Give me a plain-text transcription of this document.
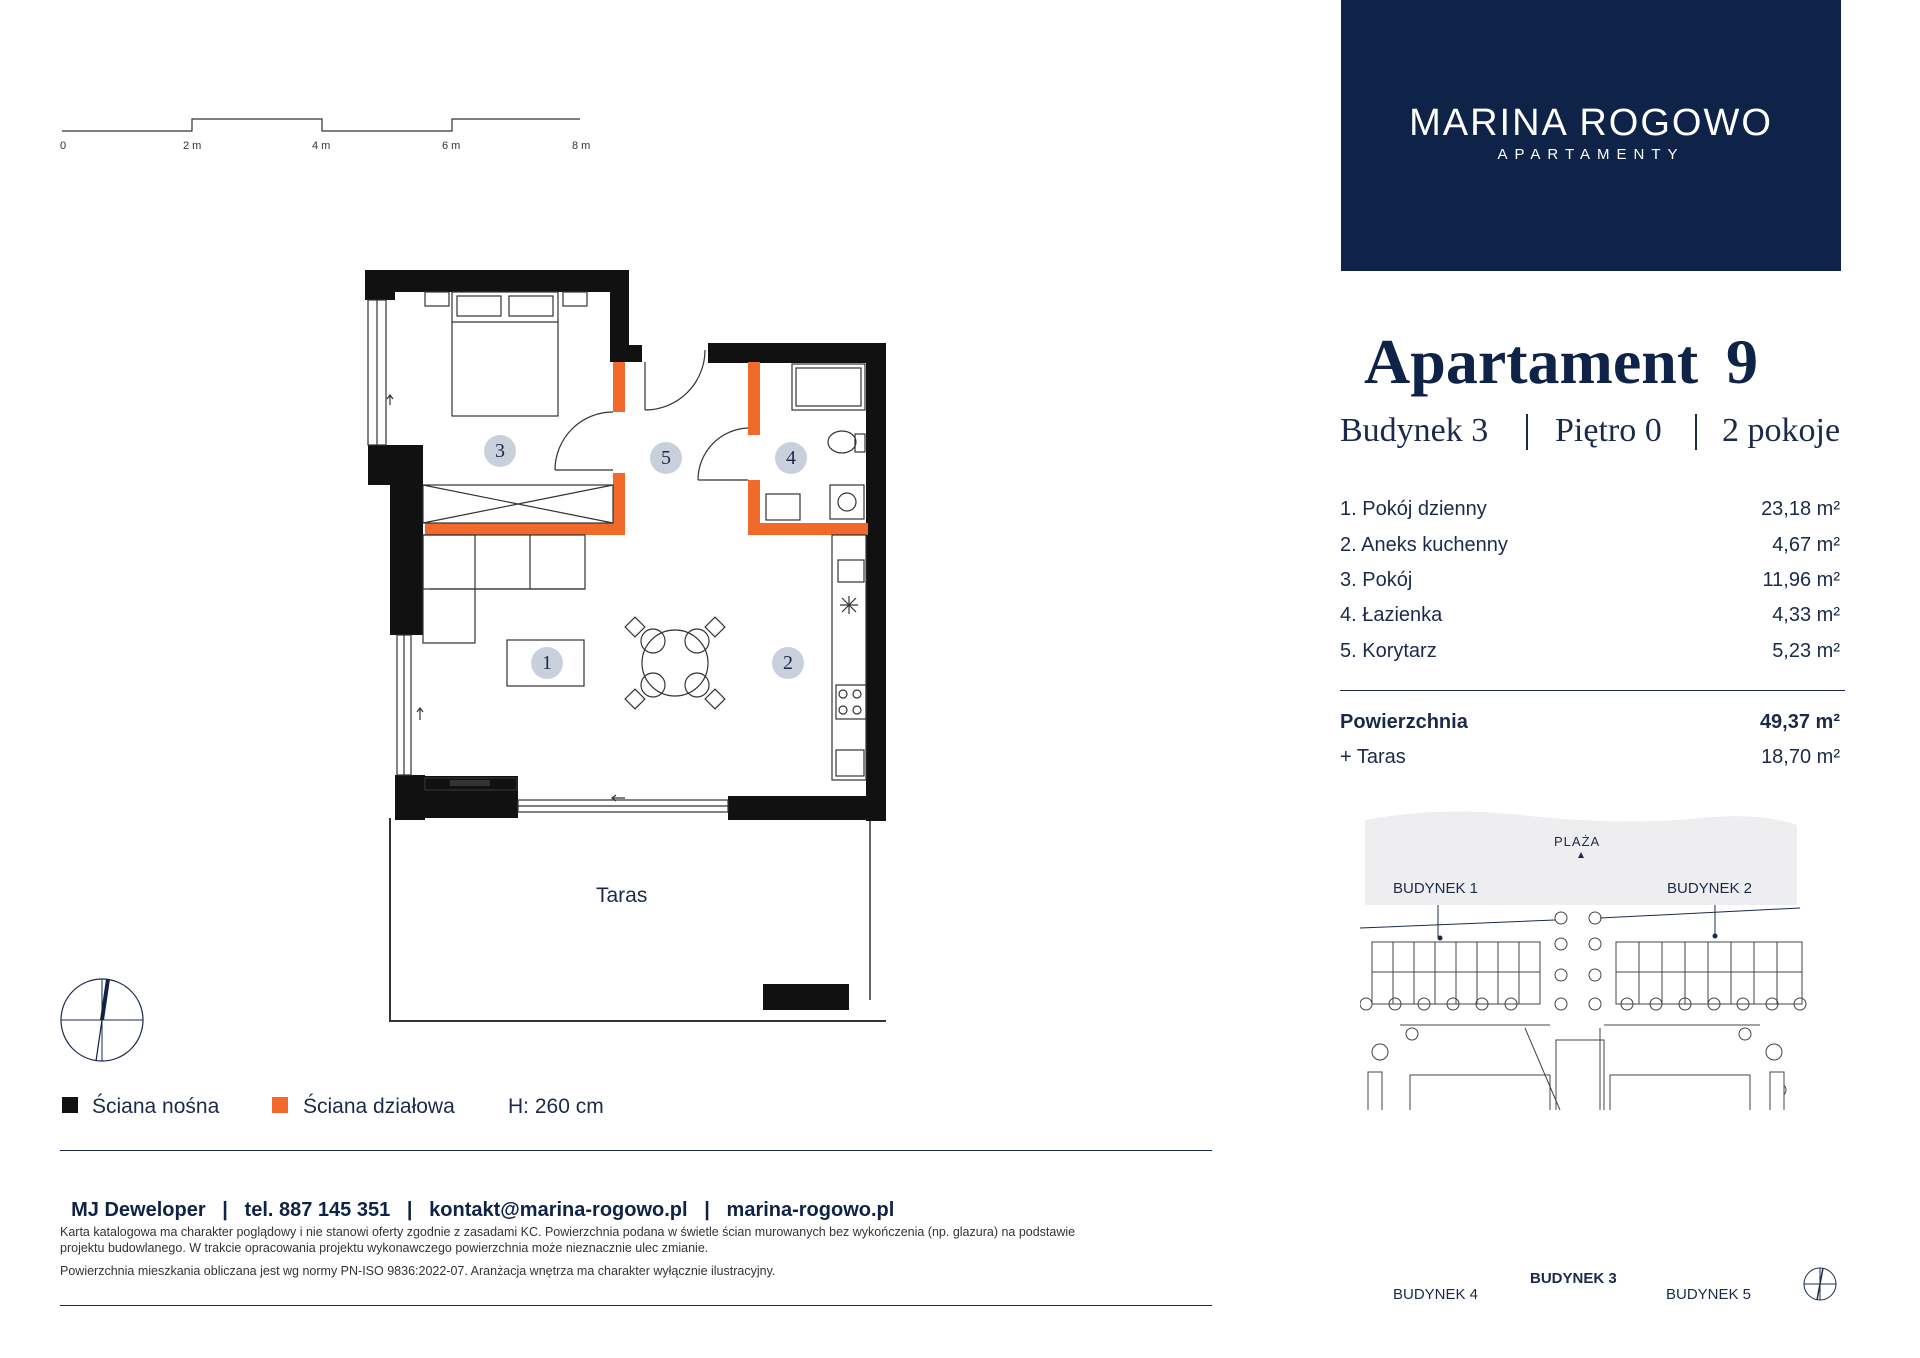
0	2 m	4 m	6 m	8 m
1	2
3	4
5
Taras
Ściana nośna	Ściana działowa	H: 260 cm

MJ Deweloper   |   tel. 887 145 351   |   kontakt@marina-rogowo.pl   |   marina-rogowo.pl

Karta katalogowa ma charakter poglądowy i nie stanowi oferty zgodnie z zasadami KC. Powierzchnia podana w świetle ścian murowanych bez wykończenia (np. glazura) na podstawie
projektu budowlanego. W trakcie opracowania projektu wykonawczego powierzchnia może nieznacznie ulec zmianie.
Powierzchnia mieszkania obliczana jest wg normy PN-ISO 9836:2022-07. Aranżacja wnętrza ma charakter wyłącznie ilustracyjny.
MARINA ROGOWO
APARTAMENTY
Apartament 9
Budynek 3 Piętro 0 2 pokoje
1. Pokój dzienny	23,18 m²
2. Aneks kuchenny	4,67 m²
3. Pokój	11,96 m²
4. Łazienka	4,33 m²
5. Korytarz	5,23 m²
Powierzchnia	49,37 m²
+ Taras	18,70 m²
PLAŻA
BUDYNEK 1	BUDYNEK 2
BUDYNEK 3
BUDYNEK 4	BUDYNEK 5
